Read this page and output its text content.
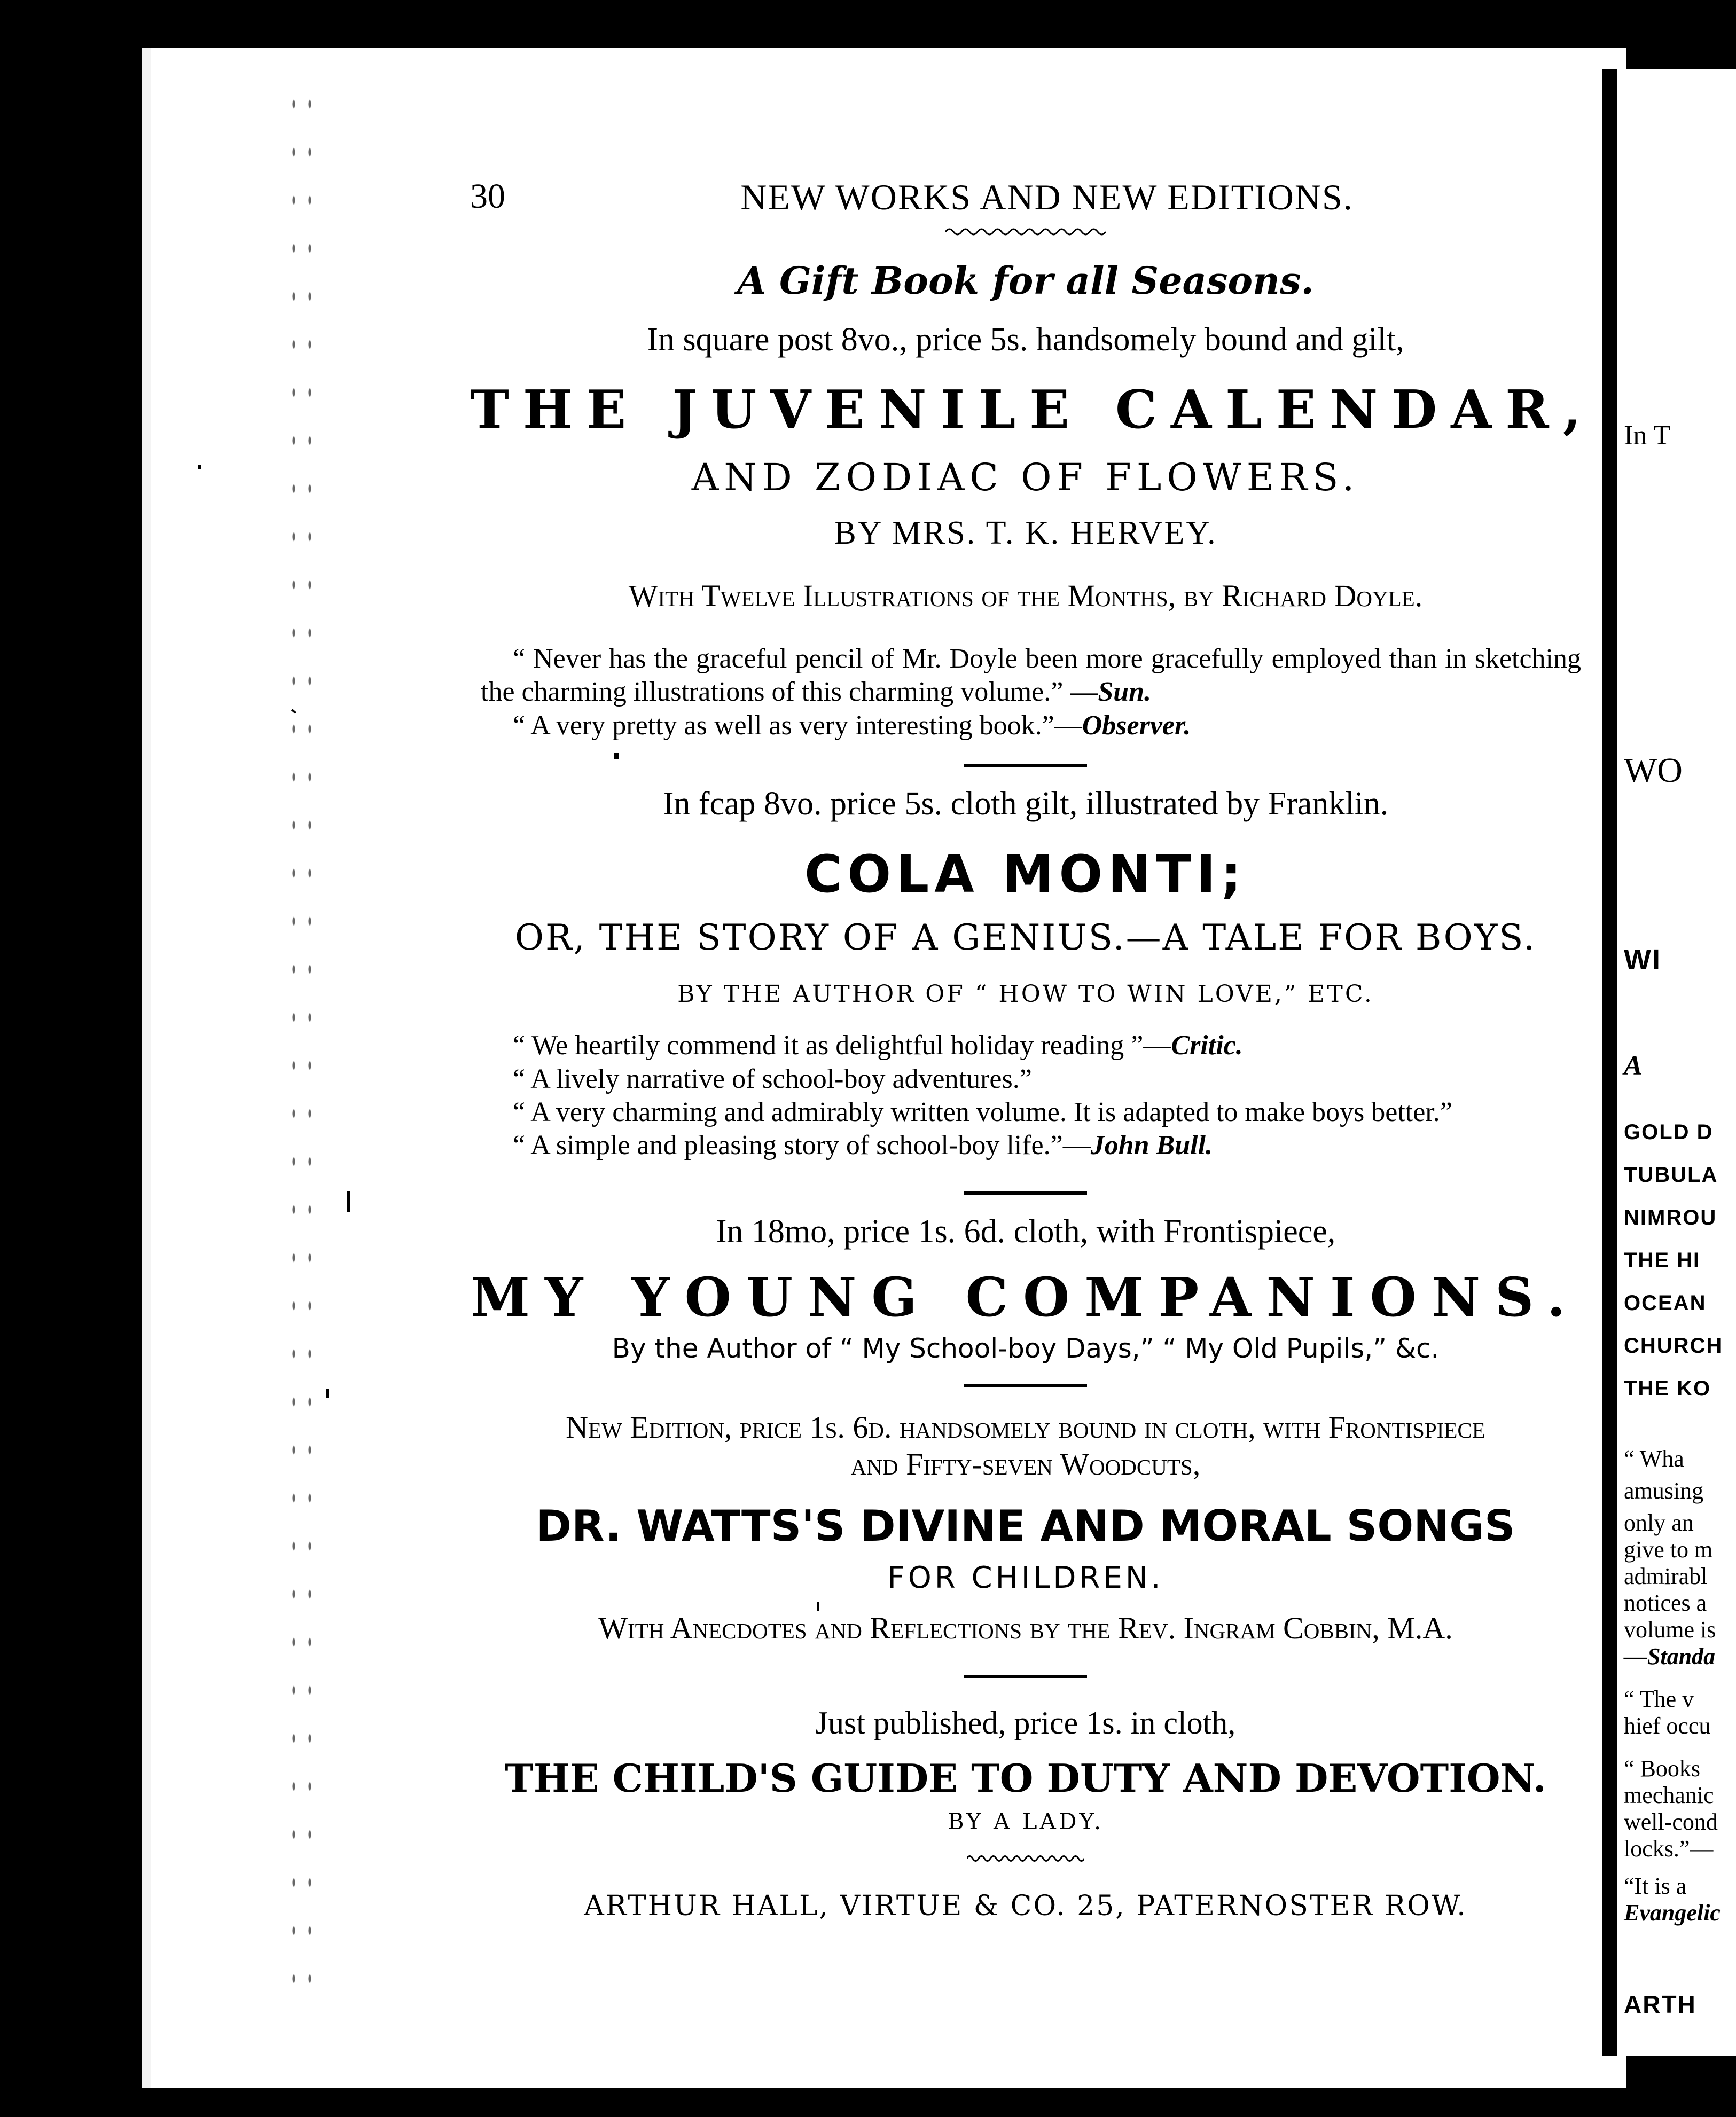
In T
WO
WI
A
GOLD D
TUBULA
NIMROU
THE HI
OCEAN
CHURCH
THE KO
“ Wha
amusing
only an
give to m
admirabl
notices a
volume is
—Standa
“ The v
hief occu
“ Books
mechanic
well-cond
locks.”—
“It is a
Evangelic
ARTH
30	NEW WORKS AND NEW EDITIONS.
A Gift Book for all Seasons.
In square post 8vo., price 5s. handsomely bound and gilt,
THE JUVENILE CALENDAR,
AND ZODIAC OF FLOWERS.
BY MRS. T. K. HERVEY.
With Twelve Illustrations of the Months, by Richard Doyle.

“ Never has the graceful pencil of Mr. Doyle been more gracefully employed than in sketching the charming illustrations of this charming volume.” —Sun.

“ A very pretty as well as very interesting book.”—Observer.

In fcap 8vo. price 5s. cloth gilt, illustrated by Franklin.
COLA MONTI;
OR, THE STORY OF A GENIUS.—A TALE FOR BOYS.
BY THE AUTHOR OF “ HOW TO WIN LOVE,” ETC.

“ We heartily commend it as delightful holiday reading ”—Critic.

“ A lively narrative of school-boy adventures.”

“ A very charming and admirably written volume. It is adapted to make boys better.”

“ A simple and pleasing story of school-boy life.”—John Bull.

In 18mo, price 1s. 6d. cloth, with Frontispiece,
MY YOUNG COMPANIONS.
By the Author of “ My School-boy Days,” “ My Old Pupils,” &c.
New Edition, price 1s. 6d. handsomely bound in cloth, with Frontispiece
and Fifty-seven Woodcuts,
DR. WATTS'S DIVINE AND MORAL SONGS
FOR CHILDREN.
With Anecdotes and Reflections by the Rev. Ingram Cobbin, M.A.
Just published, price 1s. in cloth,
THE CHILD'S GUIDE TO DUTY AND DEVOTION.
BY A LADY.
ARTHUR HALL, VIRTUE & CO. 25, PATERNOSTER ROW.
